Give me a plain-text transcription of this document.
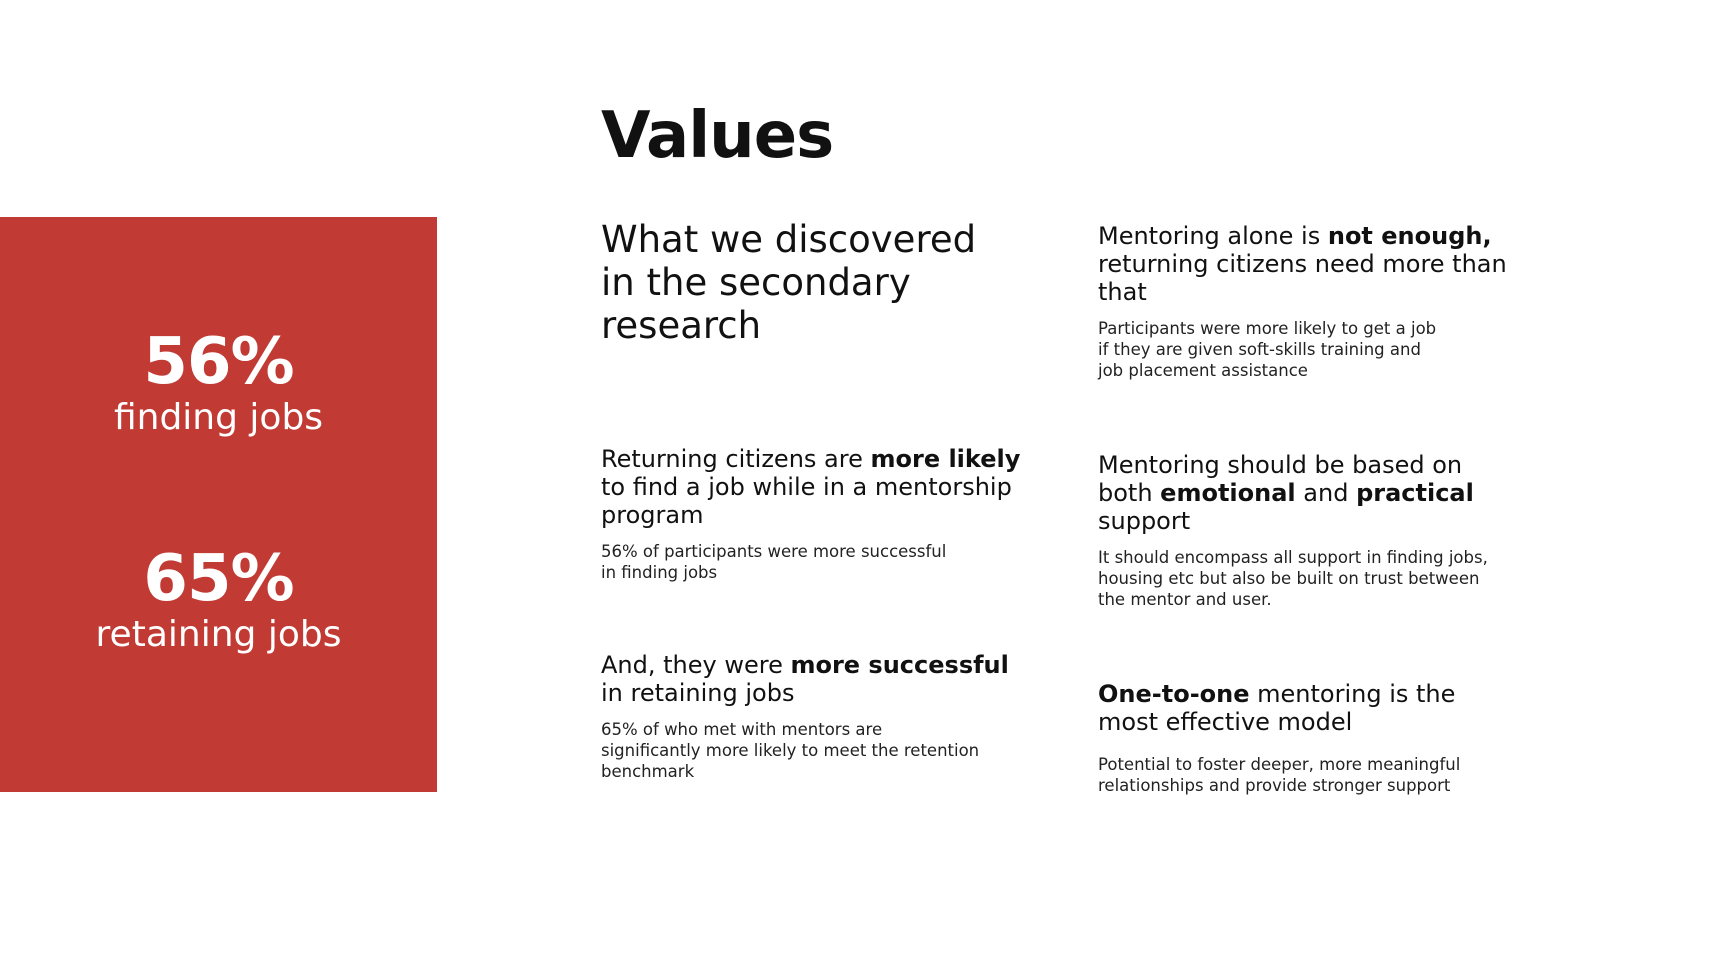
56%
finding jobs
65%
retaining jobs
Values
What we discovered in the secondary research
Returning citizens are more likely to find a job while in a mentorship program

56% of participants were more successful
in finding jobs

And, they were more successful in retaining jobs

65% of who met with mentors are
significantly more likely to meet the retention
benchmark

Mentoring alone is not enough, returning citizens need more than that

Participants were more likely to get a job
if they are given soft-skills training and
job placement assistance

Mentoring should be based on both emotional and practical support

It should encompass all support in finding jobs,
housing etc but also be built on trust between
the mentor and user.

One-to-one mentoring is the most effective model

Potential to foster deeper, more meaningful
relationships and provide stronger support
